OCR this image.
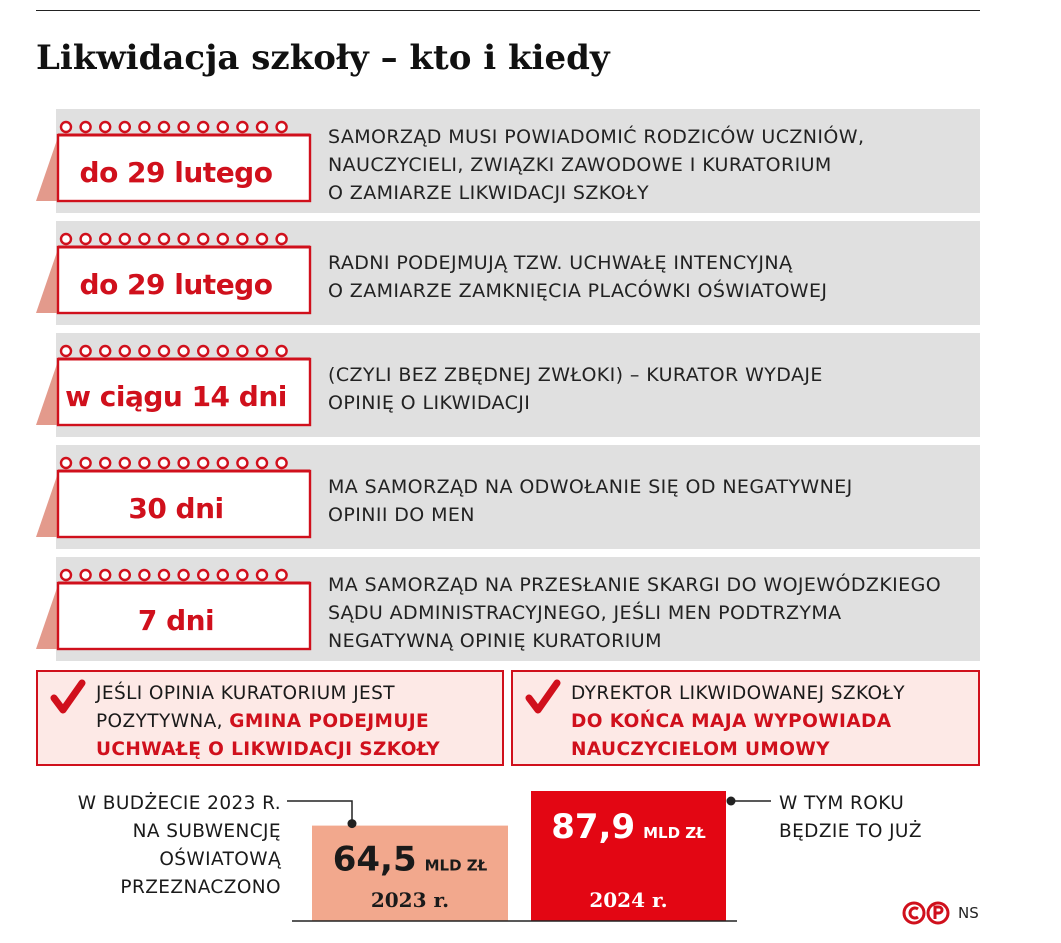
Likwidacja szkoły – kto i kiedy
do 29 lutego
SAMORZĄD MUSI POWIADOMIĆ RODZICÓW UCZNIÓW,
NAUCZYCIELI, ZWIĄZKI ZAWODOWE I KURATORIUM
O ZAMIARZE LIKWIDACJI SZKOŁY
do 29 lutego
RADNI PODEJMUJĄ TZW. UCHWAŁĘ INTENCYJNĄ
O ZAMIARZE ZAMKNIĘCIA PLACÓWKI OŚWIATOWEJ
w ciągu 14 dni
(CZYLI BEZ ZBĘDNEJ ZWŁOKI) – KURATOR WYDAJE
OPINIĘ O LIKWIDACJI
30 dni
MA SAMORZĄD NA ODWOŁANIE SIĘ OD NEGATYWNEJ
OPINII DO MEN
7 dni
MA SAMORZĄD NA PRZESŁANIE SKARGI DO WOJEWÓDZKIEGO
SĄDU ADMINISTRACYJNEGO, JEŚLI MEN PODTRZYMA
NEGATYWNĄ OPINIĘ KURATORIUM
JEŚLI OPINIA KURATORIUM JEST
POZYTYWNA, GMINA PODEJMUJE
UCHWAŁĘ O LIKWIDACJI SZKOŁY
DYREKTOR LIKWIDOWANEJ SZKOŁY
DO KOŃCA MAJA WYPOWIADA
NAUCZYCIELOM UMOWY
W BUDŻECIE 2023 R.
NA SUBWENCJĘ
OŚWIATOWĄ
PRZEZNACZONO
W TYM ROKU
BĘDZIE TO JUŻ
64,5 MLD ZŁ
2023 r.
87,9 MLD ZŁ
2024 r.
NS
